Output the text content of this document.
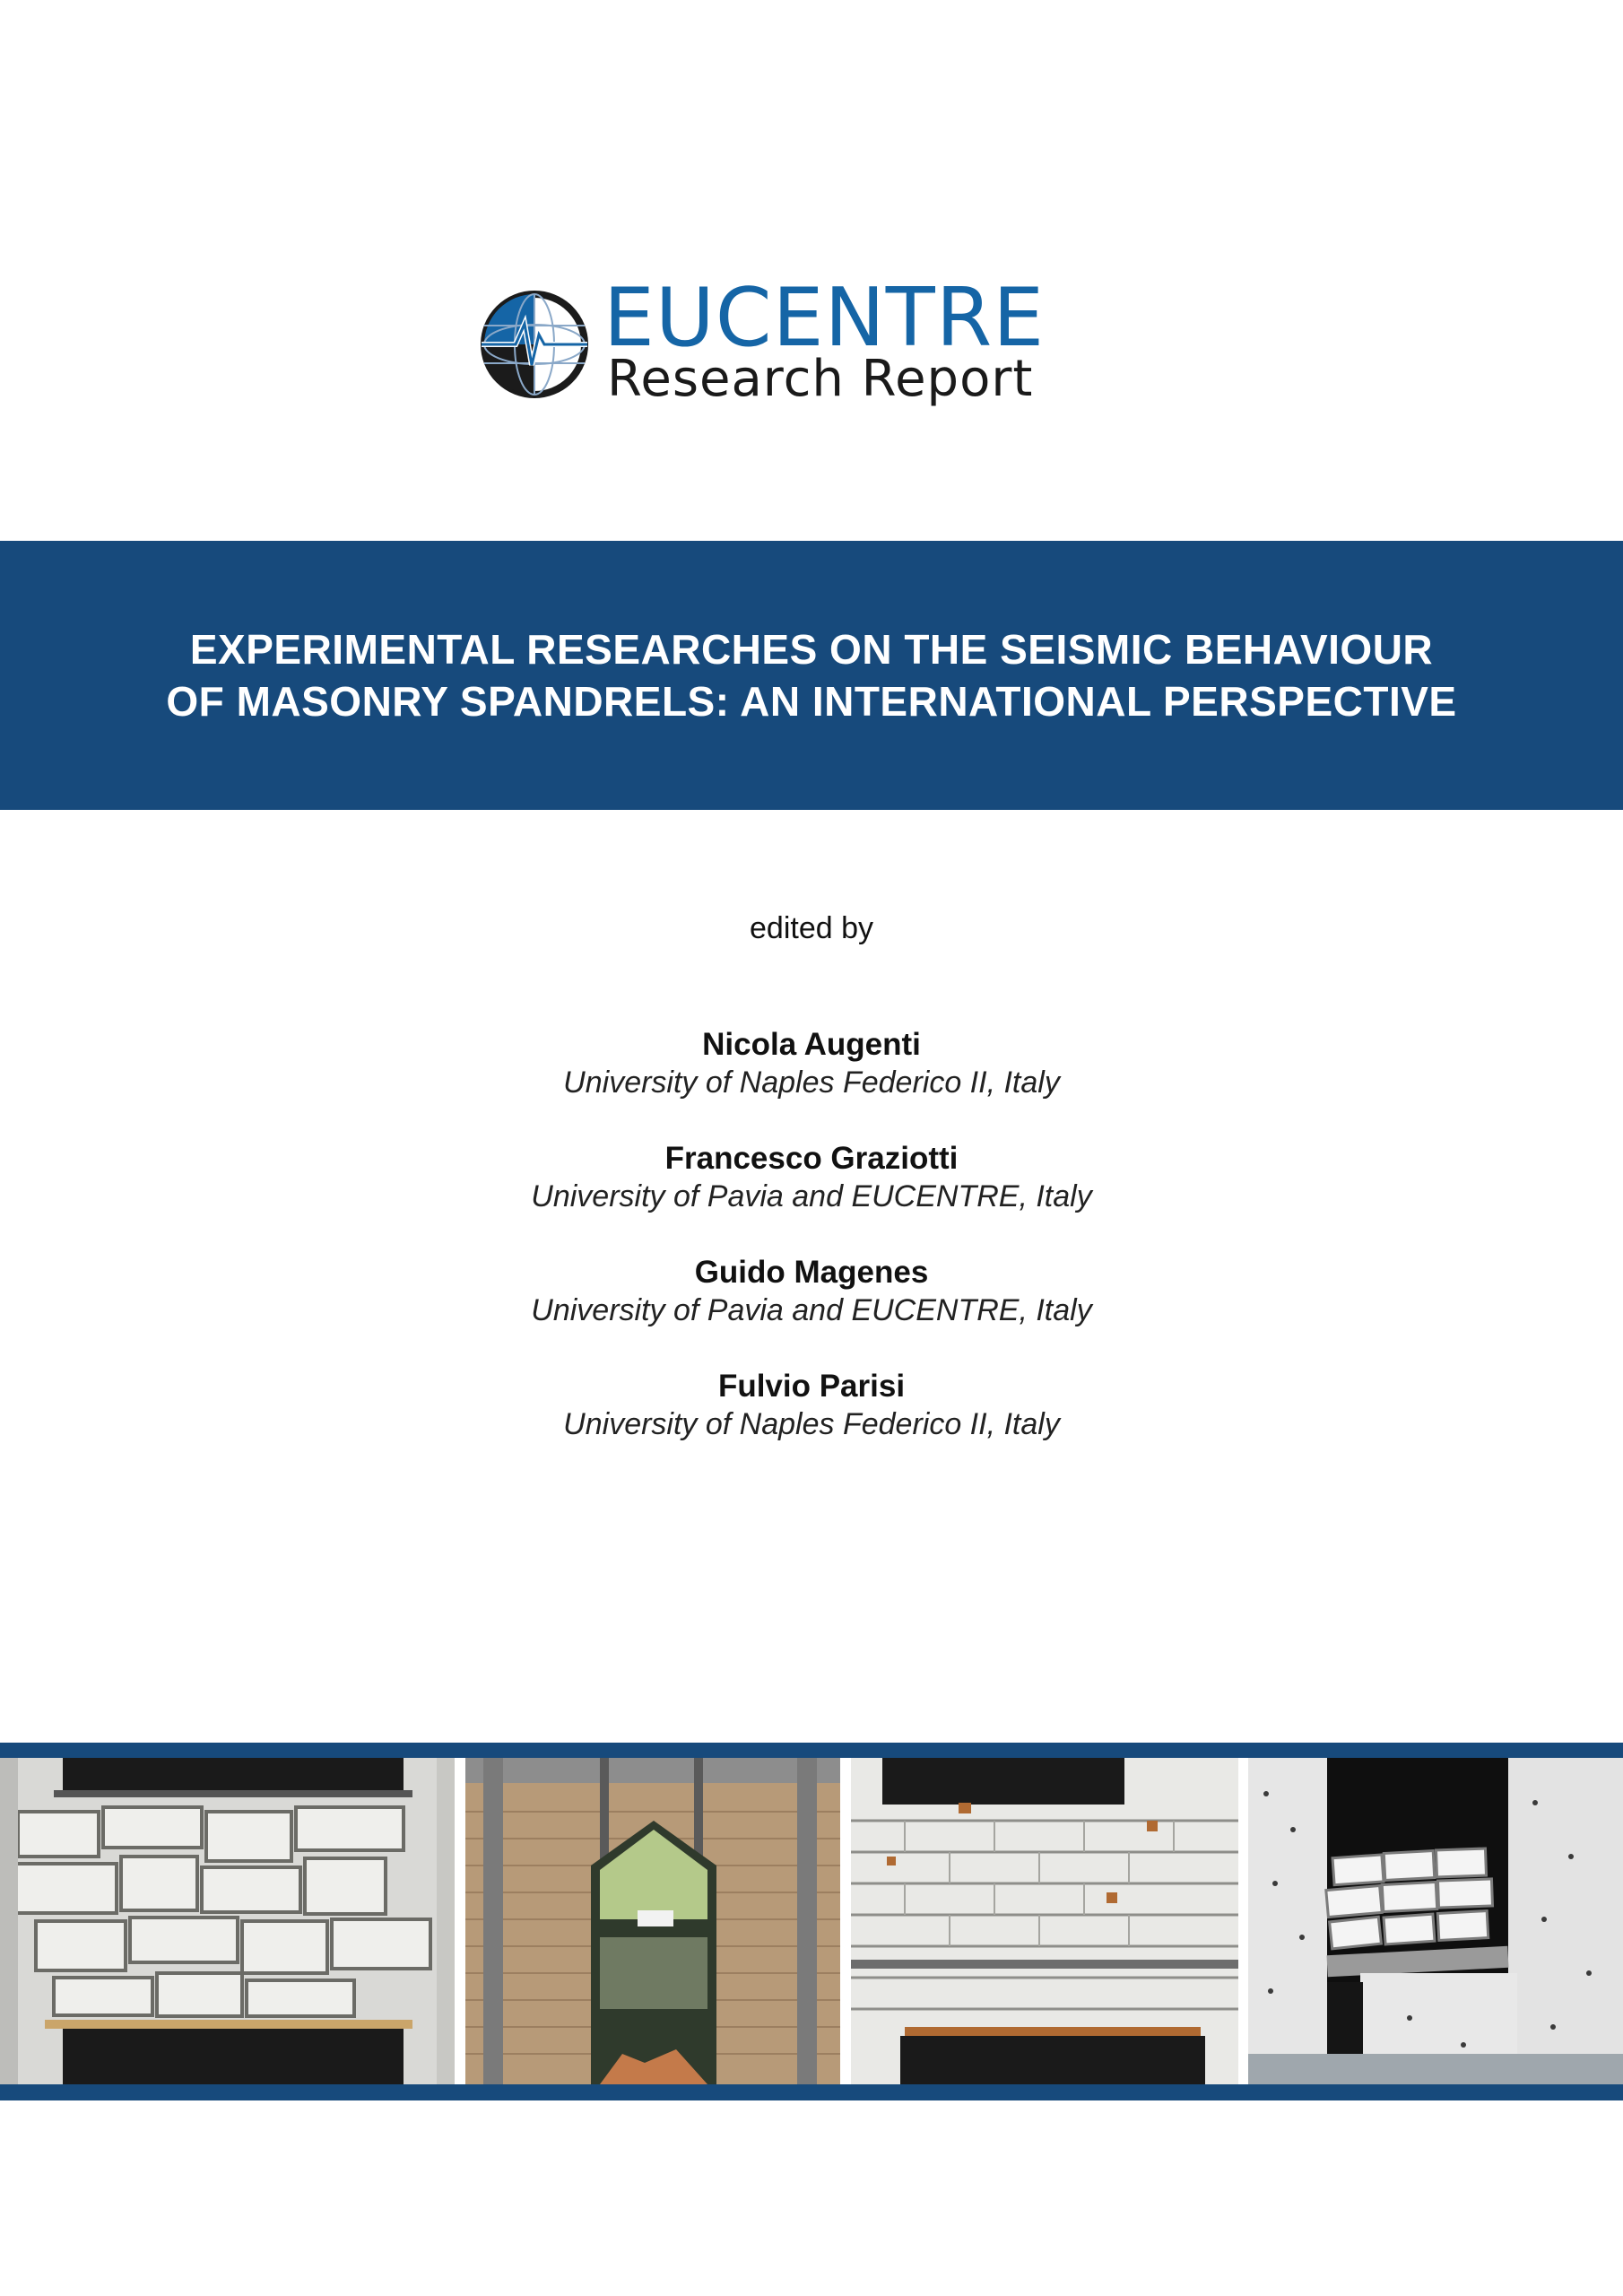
EUCENTRE
Research Report
EXPERIMENTAL RESEARCHES ON THE SEISMIC BEHAVIOUR
OF MASONRY SPANDRELS: AN INTERNATIONAL PERSPECTIVE
edited by
Nicola Augenti
University of Naples Federico II, Italy
Francesco Graziotti
University of Pavia and EUCENTRE, Italy
Guido Magenes
University of Pavia and EUCENTRE, Italy
Fulvio Parisi
University of Naples Federico II, Italy
